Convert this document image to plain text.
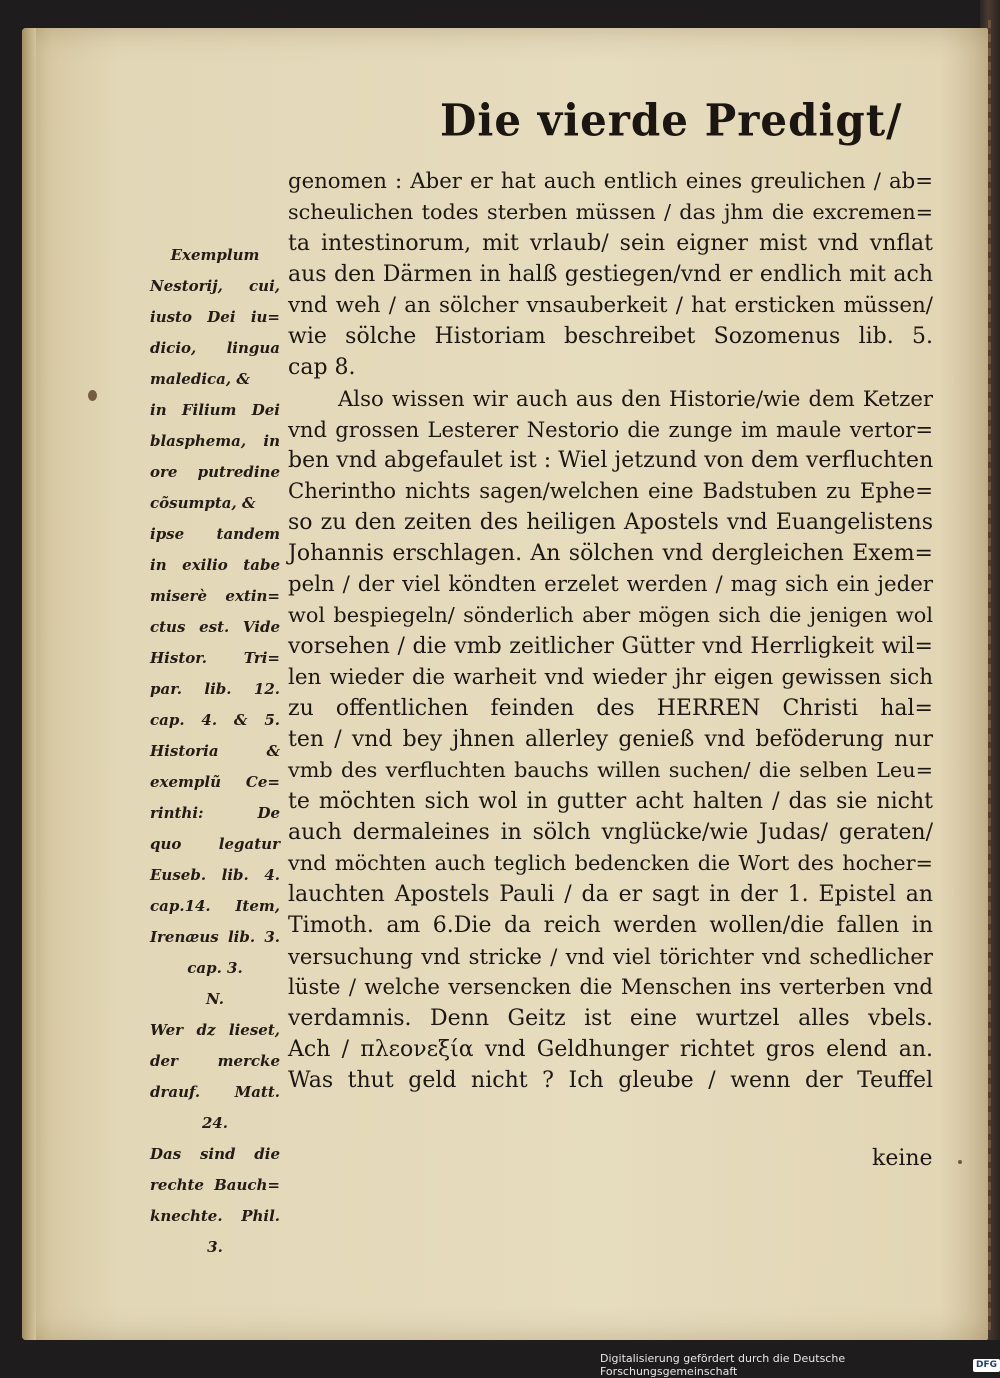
Die vierde Predigt/
Exemplum
Nestorij, cui,
iusto Dei iu=
dicio, lingua
maledica, &
in Filium Dei
blasphema, in
ore putredine
cõsumpta, &
ipse tandem
in exilio tabe
miserè extin=
ctus est. Vide
Histor. Tri=
par. lib. 12.
cap. 4. & 5.
Historia &
exemplũ Ce=
rinthi: De
quo legatur
Euseb. lib. 4.
cap.14. Item,
Irenæus lib. 3.
cap. 3.
N.
Wer dz lieset,
der mercke
drauf. Matt.
24.
Das sind die
rechte Bauch=
knechte. Phil.
3.
genomen : Aber er hat auch entlich eines greulichen / ab=
scheulichen todes sterben müssen / das jhm die excremen=
ta intestinorum, mit vrlaub/ sein eigner mist vnd vnflat
aus den Därmen in halß gestiegen/vnd er endlich mit ach
vnd weh / an sölcher vnsauberkeit / hat ersticken müssen/
wie sölche Historiam beschreibet Sozomenus lib. 5.
cap 8.
Also wissen wir auch aus den Historie/wie dem Ketzer
vnd grossen Lesterer Nestorio die zunge im maule vertor=
ben vnd abgefaulet ist : Wiel jetzund von dem verfluchten
Cherintho nichts sagen/welchen eine Badstuben zu Ephe=
so zu den zeiten des heiligen Apostels vnd Euangelistens
Johannis erschlagen. An sölchen vnd dergleichen Exem=
peln / der viel köndten erzelet werden / mag sich ein jeder
wol bespiegeln/ sönderlich aber mögen sich die jenigen wol
vorsehen / die vmb zeitlicher Gütter vnd Herrligkeit wil=
len wieder die warheit vnd wieder jhr eigen gewissen sich
zu offentlichen feinden des HERREN Christi hal=
ten / vnd bey jhnen allerley genieß vnd beföderung nur
vmb des verfluchten bauchs willen suchen/ die selben Leu=
te möchten sich wol in gutter acht halten / das sie nicht
auch dermaleines in sölch vnglücke/wie Judas/ geraten/
vnd möchten auch teglich bedencken die Wort des hocher=
lauchten Apostels Pauli / da er sagt in der 1. Epistel an
Timoth. am 6.Die da reich werden wollen/die fallen in
versuchung vnd stricke / vnd viel törichter vnd schedlicher
lüste / welche versencken die Menschen ins verterben vnd
verdamnis. Denn Geitz ist eine wurtzel alles vbels.
Ach / πλεονεξία vnd Geldhunger richtet gros elend an.
Was thut geld nicht ? Ich gleube / wenn der Teuffel
keine
Digitalisierung gefördert durch die Deutsche Forschungsgemeinschaft
DFG
